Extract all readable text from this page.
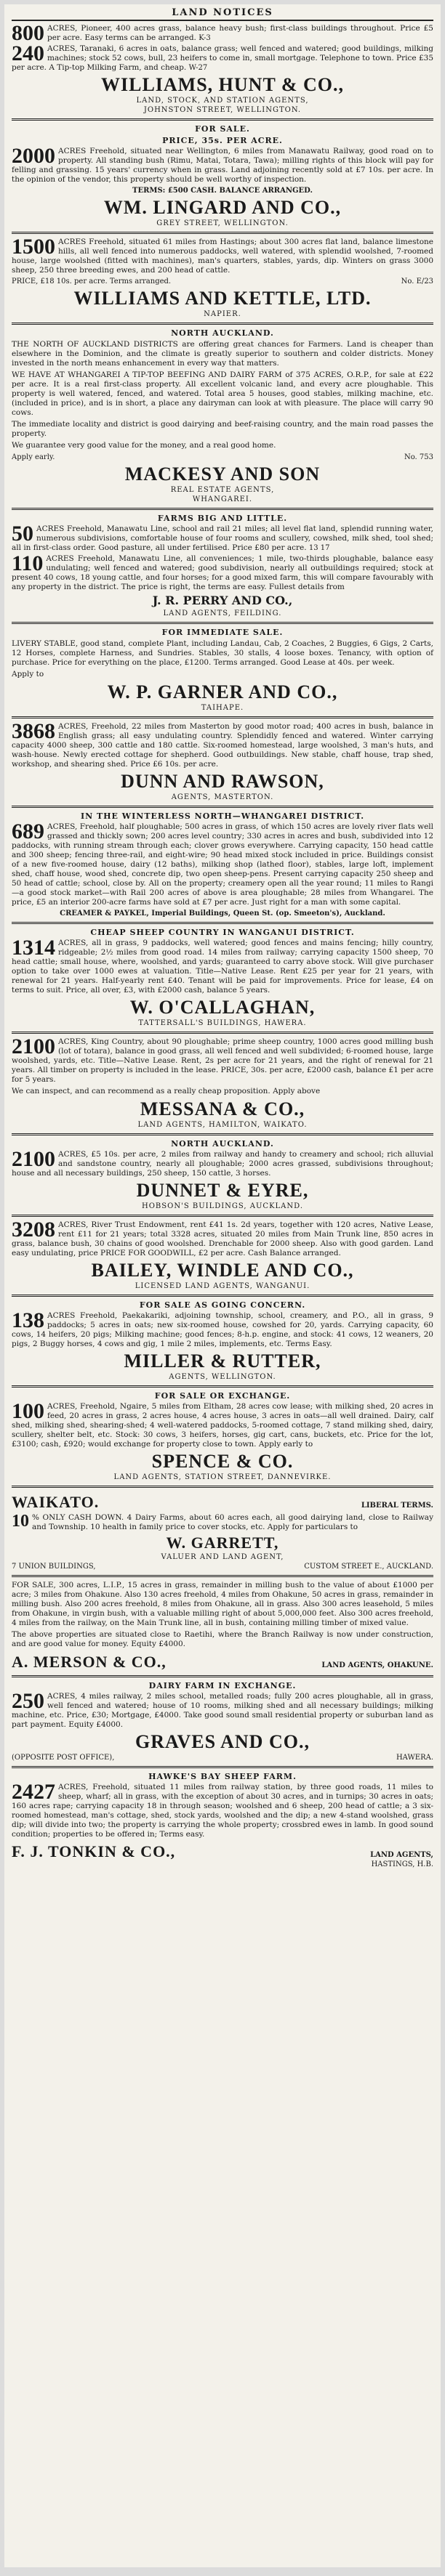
LAND NOTICES
800 ACRES, Pioneer, 400 acres grass, balance heavy bush; first-class buildings throughout. Price £5 per acre. Easy terms can be arranged. K-3
240 ACRES, Taranaki, 6 acres in oats, balance grass; well fenced and watered; good buildings, milking machines; stock 52 cows, bull, 23 heifers to come in, small mortgage. Telephone to town. Price £35 per acre. A Tip-top Milking Farm, and cheap. W-27
WILLIAMS, HUNT & CO.,
LAND, STOCK, AND STATION AGENTS,
JOHNSTON STREET, WELLINGTON.
FOR SALE.
PRICE, 35s. PER ACRE.
2000 ACRES Freehold, situated near Wellington, 6 miles from Manawatu Railway, good road on to property. All standing bush (Rimu, Matai, Totara, Tawa); milling rights of this block will pay for felling and grassing. 15 years' currency when in grass. Land adjoining recently sold at £7 10s. per acre. In the opinion of the vendor, this property should be well worthy of inspection.
TERMS: £500 CASH. BALANCE ARRANGED.
WM. LINGARD AND CO.,
GREY STREET, WELLINGTON.
1500 ACRES Freehold, situated 61 miles from Hastings; about 300 acres flat land, balance limestone hills, all well fenced into numerous paddocks, well watered, with splendid woolshed, 7-roomed house, large woolshed (fitted with machines), man's quarters, stables, yards, dip. Winters on grass 3000 sheep, 250 three breeding ewes, and 200 head of cattle.
PRICE, £18 10s. per acre. Terms arranged.	No. E/23
WILLIAMS AND KETTLE, LTD.
NAPIER.
NORTH AUCKLAND.
THE NORTH OF AUCKLAND DISTRICTS are offering great chances for Farmers. Land is cheaper than elsewhere in the Dominion, and the climate is greatly superior to southern and colder districts. Money invested in the north means enhancement in every way that matters.
WE HAVE AT WHANGAREI A TIP-TOP BEEFING AND DAIRY FARM of 375 ACRES, O.R.P., for sale at £22 per acre. It is a real first-class property. All excellent volcanic land, and every acre ploughable. This property is well watered, fenced, and watered. Total area 5 houses, good stables, milking machine, etc. (included in price), and is in short, a place any dairyman can look at with pleasure. The place will carry 90 cows.
The immediate locality and district is good dairying and beef-raising country, and the main road passes the property.
We guarantee very good value for the money, and a real good home.
Apply early.	No. 753
MACKESY AND SON
REAL ESTATE AGENTS,
WHANGAREI.
FARMS BIG AND LITTLE.
50 ACRES Freehold, Manawatu Line, school and rail 21 miles; all level flat land, splendid running water, numerous subdivisions, comfortable house of four rooms and scullery, cowshed, milk shed, tool shed; all in first-class order. Good pasture, all under fertilised. Price £80 per acre. 13 17
110 ACRES Freehold, Manawatu Line, all conveniences; 1 mile, two-thirds ploughable, balance easy undulating; well fenced and watered; good subdivision, nearly all outbuildings required; stock at present 40 cows, 18 young cattle, and four horses; for a good mixed farm, this will compare favourably with any property in the district. The price is right, the terms are easy. Fullest details from
J. R. PERRY AND CO.,
LAND AGENTS, FEILDING.
FOR IMMEDIATE SALE.
LIVERY STABLE, good stand, complete Plant, including Landau, Cab, 2 Coaches, 2 Buggies, 6 Gigs, 2 Carts, 12 Horses, complete Harness, and Sundries. Stables, 30 stalls, 4 loose boxes. Tenancy, with option of purchase. Price for everything on the place, £1200. Terms arranged. Good Lease at 40s. per week.
Apply to
W. P. GARNER AND CO.,
TAIHAPE.
3868 ACRES, Freehold, 22 miles from Masterton by good motor road; 400 acres in bush, balance in English grass; all easy undulating country. Splendidly fenced and watered. Winter carrying capacity 4000 sheep, 300 cattle and 180 cattle. Six-roomed homestead, large woolshed, 3 man's huts, and wash-house. Newly erected cottage for shepherd. Good outbuildings. New stable, chaff house, trap shed, workshop, and shearing shed. Price £6 10s. per acre.
DUNN AND RAWSON,
AGENTS, MASTERTON.
IN THE WINTERLESS NORTH—WHANGAREI DISTRICT.
689 ACRES, Freehold, half ploughable; 500 acres in grass, of which 150 acres are lovely river flats well grassed and thickly sown; 200 acres level country; 330 acres in acres and bush, subdivided into 12 paddocks, with running stream through each; clover grows everywhere. Carrying capacity, 150 head cattle and 300 sheep; fencing three-rail, and eight-wire; 90 head mixed stock included in price. Buildings consist of a new five-roomed house, dairy (12 baths), milking shop (lathed floor), stables, large loft, implement shed, chaff house, wood shed, concrete dip, two open sheep-pens. Present carrying capacity 250 sheep and 50 head of cattle; school, close by. All on the property; creamery open all the year round; 11 miles to Rangi—a good stock market—with Rail 200 acres of above is area ploughable; 28 miles from Whangarei. The price, £5 an interior 200-acre farms have sold at £7 per acre. Just right for a man with some capital.
CREAMER & PAYKEL, Imperial Buildings, Queen St. (op. Smeeton's), Auckland.
CHEAP SHEEP COUNTRY IN WANGANUI DISTRICT.
1314 ACRES, all in grass, 9 paddocks, well watered; good fences and mains fencing; hilly country, ridgeable; 2½ miles from good road. 14 miles from railway; carrying capacity 1500 sheep, 70 head cattle; small house, where, woolshed, and yards; guaranteed to carry above stock. Will give purchaser option to take over 1000 ewes at valuation. Title—Native Lease. Rent £25 per year for 21 years, with renewal for 21 years. Half-yearly rent £40. Tenant will be paid for improvements. Price for lease, £4 on terms to suit. Price, all over, £3, with £2000 cash, balance 5 years.
W. O'CALLAGHAN,
TATTERSALL'S BUILDINGS, HAWERA.
2100 ACRES, King Country, about 90 ploughable; prime sheep country, 1000 acres good milling bush (lot of totara), balance in good grass, all well fenced and well subdivided; 6-roomed house, large woolshed, yards, etc. Title—Native Lease. Rent, 2s per acre for 21 years, and the right of renewal for 21 years. All timber on property is included in the lease. PRICE, 30s. per acre, £2000 cash, balance £1 per acre for 5 years.
We can inspect, and can recommend as a really cheap proposition. Apply above
MESSANA & CO.,
LAND AGENTS, HAMILTON, WAIKATO.
NORTH AUCKLAND.
2100 ACRES, £5 10s. per acre, 2 miles from railway and handy to creamery and school; rich alluvial and sandstone country, nearly all ploughable; 2000 acres grassed, subdivisions throughout; house and all necessary buildings, 250 sheep, 150 cattle, 3 horses.
DUNNET & EYRE,
HOBSON'S BUILDINGS, AUCKLAND.
3208 ACRES, River Trust Endowment, rent £41 1s. 2d years, together with 120 acres, Native Lease, rent £11 for 21 years; total 3328 acres, situated 20 miles from Main Trunk line, 850 acres in grass, balance bush, 30 chains of good woolshed. Drenchable for 2000 sheep. Also with good garden. Land easy undulating, price PRICE FOR GOODWILL, £2 per acre. Cash Balance arranged.
BAILEY, WINDLE AND CO.,
LICENSED LAND AGENTS, WANGANUI.
FOR SALE AS GOING CONCERN.
138 ACRES Freehold, Paekakariki, adjoining township, school, creamery, and P.O., all in grass, 9 paddocks; 5 acres in oats; new six-roomed house, cowshed for 20, yards. Carrying capacity, 60 cows, 14 heifers, 20 pigs; Milking machine; good fences; 8-h.p. engine, and stock: 41 cows, 12 weaners, 20 pigs, 2 Buggy horses, 4 cows and gig, 1 mile 2 miles, implements, etc. Terms Easy.
MILLER & RUTTER,
AGENTS, WELLINGTON.
FOR SALE OR EXCHANGE.
100 ACRES, Freehold, Ngaire, 5 miles from Eltham, 28 acres cow lease; with milking shed, 20 acres in feed, 20 acres in grass, 2 acres house, 4 acres house, 3 acres in oats—all well drained. Dairy, calf shed, milking shed, shearing-shed; 4 well-watered paddocks, 5-roomed cottage, 7 stand milking shed, dairy, scullery, shelter belt, etc. Stock: 30 cows, 3 heifers, horses, gig cart, cans, buckets, etc. Price for the lot, £3100; cash, £920; would exchange for property close to town. Apply early to
SPENCE & CO.
LAND AGENTS, STATION STREET, DANNEVIRKE.
WAIKATO.	LIBERAL TERMS.
10 % ONLY CASH DOWN. 4 Dairy Farms, about 60 acres each, all good dairying land, close to Railway and Township. 10 health in family price to cover stocks, etc. Apply for particulars to
W. GARRETT,
VALUER AND LAND AGENT,
7 UNION BUILDINGS,	CUSTOM STREET E., AUCKLAND.
FOR SALE, 300 acres, L.I.P., 15 acres in grass, remainder in milling bush to the value of about £1000 per acre; 3 miles from Ohakune. Also 130 acres freehold, 4 miles from Ohakune, 50 acres in grass, remainder in milling bush. Also 200 acres freehold, 8 miles from Ohakune, all in grass. Also 300 acres leasehold, 5 miles from Ohakune, in virgin bush, with a valuable milling right of about 5,000,000 feet. Also 300 acres freehold, 4 miles from the railway, on the Main Trunk line, all in bush, containing milling timber of mixed value.
The above properties are situated close to Raetihi, where the Branch Railway is now under construction, and are good value for money. Equity £4000.
A. MERSON & CO.,	LAND AGENTS, OHAKUNE.
DAIRY FARM IN EXCHANGE.
250 ACRES, 4 miles railway, 2 miles school, metalled roads; fully 200 acres ploughable, all in grass, well fenced and watered; house of 10 rooms, milking shed and all necessary buildings; milking machine, etc. Price, £30; Mortgage, £4000. Take good sound small residential property or suburban land as part payment. Equity £4000.
GRAVES AND CO.,
(OPPOSITE POST OFFICE),	HAWERA.
HAWKE'S BAY SHEEP FARM.
2427 ACRES, Freehold, situated 11 miles from railway station, by three good roads, 11 miles to sheep, wharf; all in grass, with the exception of about 30 acres, and in turnips; 30 acres in oats; 160 acres rape; carrying capacity 18 in through season; woolshed and 6 sheep, 200 head of cattle; a 3 six-roomed homestead, man's cottage, shed, stock yards, woolshed and the dip; a new 4-stand woolshed, grass dip; will divide into two; the property is carrying the whole property; crossbred ewes in lamb. In good sound condition; properties to be offered in; Terms easy.
F. J. TONKIN & CO.,	LAND AGENTS,
HASTINGS, H.B.
